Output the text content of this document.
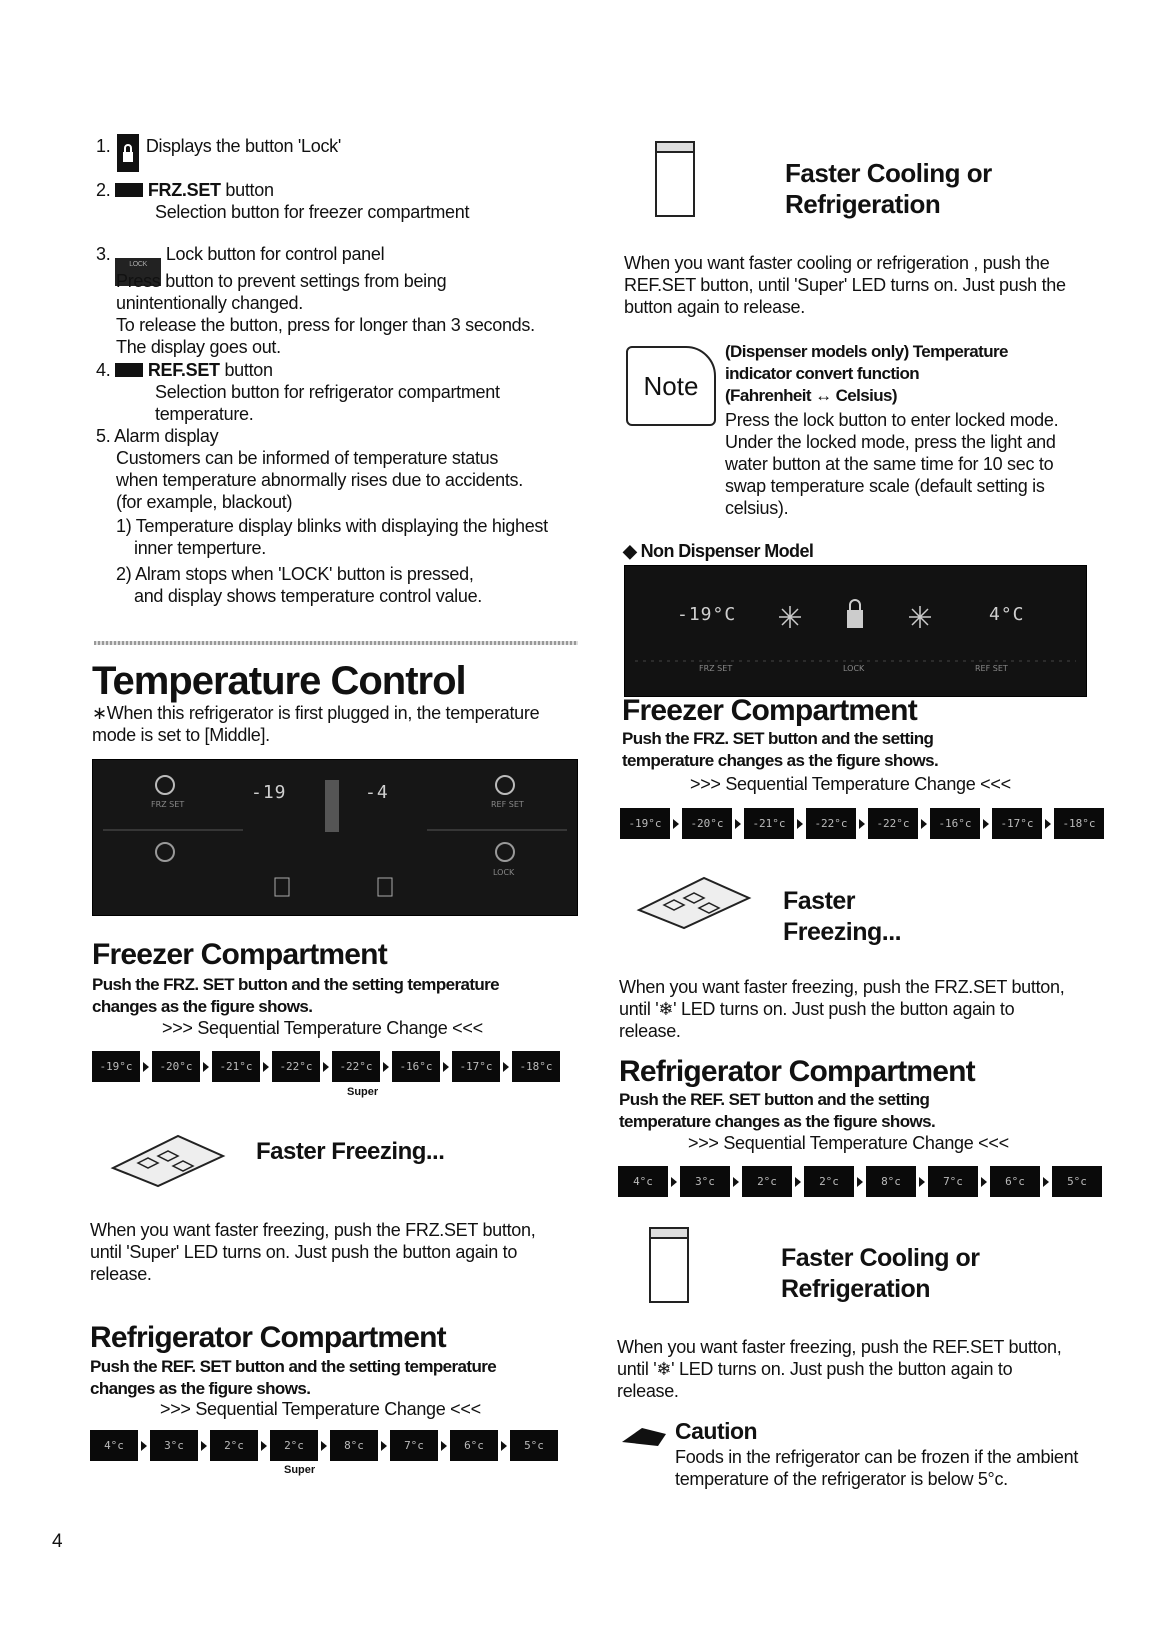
1. Displays the button 'Lock'
2. FRZ.SET button
Selection button for freezer compartment
3. LOCK Lock button for control panel
Press button to prevent settings from being
unintentionally changed.
To release the button, press for longer than 3 seconds.
The display goes out.
4. REF.SET button
Selection button for refrigerator compartment
temperature.
5. Alarm display
Customers can be informed of temperature status
when temperature abnormally rises due to accidents.
(for example, blackout)
1) Temperature display blinks with displaying the highest
inner temperture.
2) Alram stops when 'LOCK' button is pressed,
and display shows temperature control value.
Temperature Control
∗When this refrigerator is first plugged in, the temperature
mode is set to [Middle].
-19	-4
FRZ SET	REF SET
LOCK
Freezer Compartment
Push the FRZ. SET button and the setting temperature
changes as the figure shows.
>>> Sequential Temperature Change <<<
-19°c	-20°c	-21°c	-22°c	-22°c	-16°c	-17°c	-18°c
Super
Faster Freezing...
When you want faster freezing, push the FRZ.SET button,
until 'Super' LED turns on. Just push the button again to
release.
Refrigerator Compartment
Push the REF. SET button and the setting temperature
changes as the figure shows.
>>> Sequential Temperature Change <<<
4°c	3°c	2°c	2°c	8°c	7°c	6°c	5°c
Super
4
Faster Cooling or
Refrigeration
When you want faster cooling or refrigeration , push the
REF.SET button, until 'Super' LED turns on. Just push the
button again to release.
Note
(Dispenser models only) Temperature
indicator convert function
(Fahrenheit ↔ Celsius)
Press the lock button to enter locked mode.
Under the locked mode, press the light and
water button at the same time for 10 sec to
swap temperature scale (default setting is
celsius).
◆ Non Dispenser Model
-19°C	4°C
FRZ SET	LOCK	REF SET
Freezer Compartment
Push the FRZ. SET button and the setting
temperature changes as the figure shows.
>>> Sequential Temperature Change <<<
-19°c	-20°c	-21°c	-22°c	-22°c	-16°c	-17°c	-18°c
Faster
Freezing...
When you want faster freezing, push the FRZ.SET button,
until '❄' LED turns on. Just push the button again to
release.
Refrigerator Compartment
Push the REF. SET button and the setting
temperature changes as the figure shows.
>>> Sequential Temperature Change <<<
4°c	3°c	2°c	2°c	8°c	7°c	6°c	5°c
Faster Cooling or
Refrigeration
When you want faster freezing, push the REF.SET button,
until '❄' LED turns on. Just push the button again to
release.
Caution
Foods in the refrigerator can be frozen if the ambient
temperature of the refrigerator is below 5°c.
